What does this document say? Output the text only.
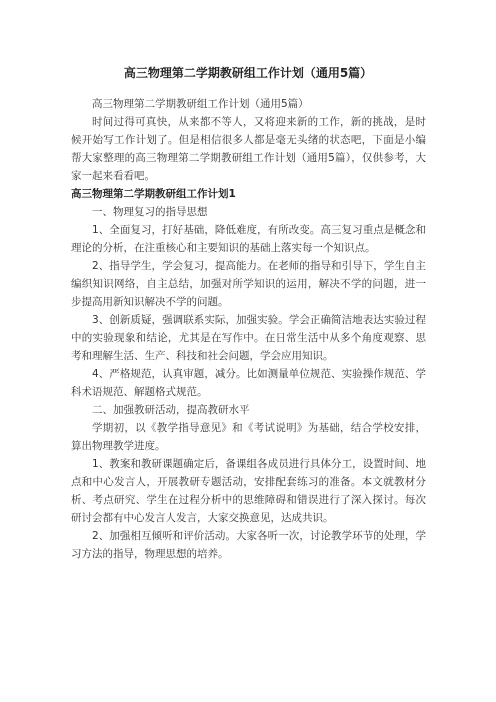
高三物理第二学期教研组工作计划（通用5篇）

高三物理第二学期教研组工作计划（通用5篇）

时间过得可真快，从来都不等人，又将迎来新的工作，新的挑战，是时候开始写工作计划了。但是相信很多人都是毫无头绪的状态吧，下面是小编帮大家整理的高三物理第二学期教研组工作计划（通用5篇），仅供参考，大家一起来看看吧。

高三物理第二学期教研组工作计划1

一、物理复习的指导思想

1、全面复习，打好基础，降低难度，有所改变。高三复习重点是概念和理论的分析，在注重核心和主要知识的基础上落实每一个知识点。

2、指导学生，学会复习，提高能力。在老师的指导和引导下，学生自主编织知识网络，自主总结，加强对所学知识的运用，解决不学的问题，进一步提高用新知识解决不学的问题。

3、创新质疑，强调联系实际，加强实验。学会正确简洁地表达实验过程中的实验现象和结论，尤其是在写作中。在日常生活中从多个角度观察、思考和理解生活、生产、科技和社会问题，学会应用知识。

4、严格规范，认真审题，减分。比如测量单位规范、实验操作规范、学科术语规范、解题格式规范。

二、加强教研活动，提高教研水平

学期初，以《教学指导意见》和《考试说明》为基础，结合学校安排，算出物理教学进度。

1、教案和教研课题确定后，备课组各成员进行具体分工，设置时间、地点和中心发言人，开展教研专题活动，安排配套练习的准备。本文就教材分析、考点研究、学生在过程分析中的思维障碍和错误进行了深入探讨。每次研讨会都有中心发言人发言，大家交换意见，达成共识。

2、加强相互倾听和评价活动。大家各听一次，讨论教学环节的处理，学习方法的指导，物理思想的培养。
